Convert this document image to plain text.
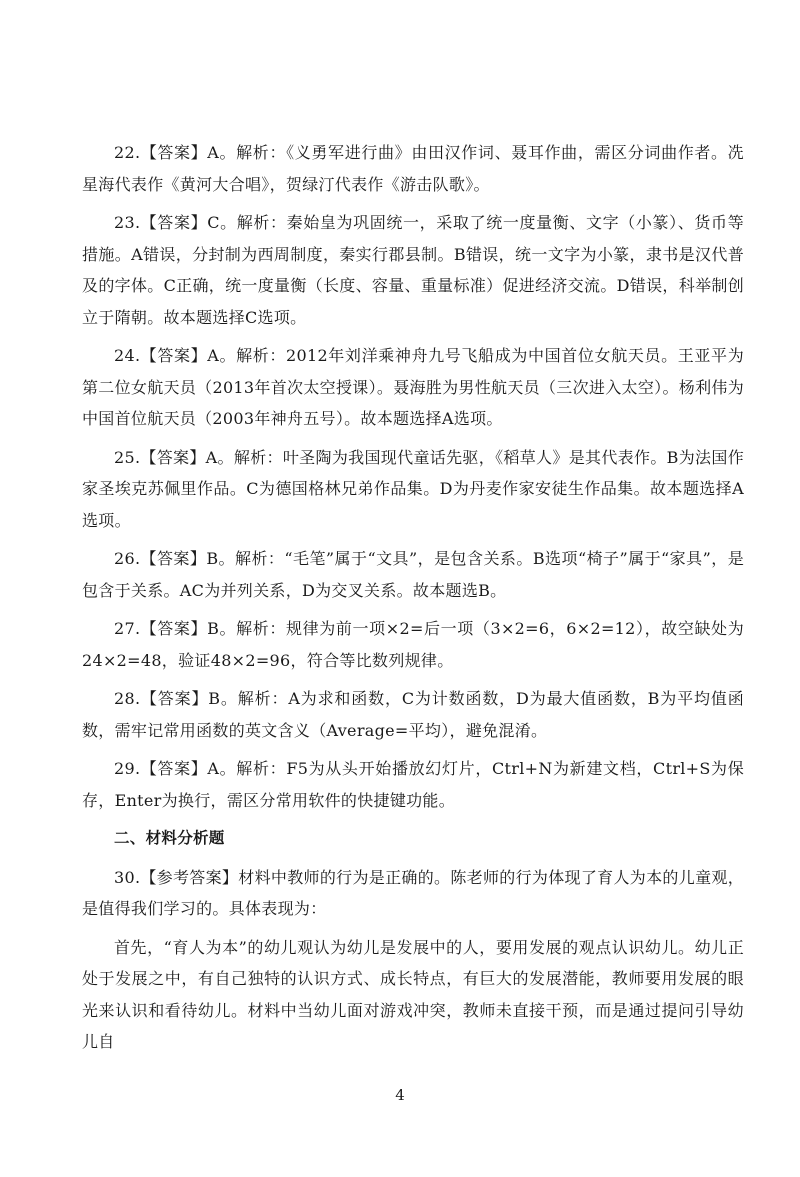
22.【答案】A。解析：《义勇军进行曲》由田汉作词、聂耳作曲，需区分词曲作者。冼星海代表作《黄河大合唱》，贺绿汀代表作《游击队歌》。

23.【答案】C。解析：秦始皇为巩固统一，采取了统一度量衡、文字（小篆）、货币等措施。A错误，分封制为西周制度，秦实行郡县制。B错误，统一文字为小篆，隶书是汉代普及的字体。C正确，统一度量衡（长度、容量、重量标准）促进经济交流。D错误，科举制创立于隋朝。故本题选择C选项。

24.【答案】A。解析：2012年刘洋乘神舟九号飞船成为中国首位女航天员。王亚平为第二位女航天员（2013年首次太空授课）。聂海胜为男性航天员（三次进入太空）。杨利伟为中国首位航天员（2003年神舟五号）。故本题选择A选项。

25.【答案】A。解析：叶圣陶为我国现代童话先驱，《稻草人》是其代表作。B为法国作家圣埃克苏佩里作品。C为德国格林兄弟作品集。D为丹麦作家安徒生作品集。故本题选择A选项。

26.【答案】B。解析：“毛笔”属于“文具”，是包含关系。B选项“椅子”属于“家具”，是包含于关系。AC为并列关系，D为交叉关系。故本题选B。

27.【答案】B。解析：规律为前一项×2=后一项（3×2=6，6×2=12），故空缺处为24×2=48，验证48×2=96，符合等比数列规律。

28.【答案】B。解析：A为求和函数，C为计数函数，D为最大值函数，B为平均值函数，需牢记常用函数的英文含义（Average=平均），避免混淆。

29.【答案】A。解析：F5为从头开始播放幻灯片，Ctrl+N为新建文档，Ctrl+S为保存，Enter为换行，需区分常用软件的快捷键功能。

二、材料分析题

30.【参考答案】材料中教师的行为是正确的。陈老师的行为体现了育人为本的儿童观，是值得我们学习的。具体表现为：

首先，“育人为本”的幼儿观认为幼儿是发展中的人，要用发展的观点认识幼儿。幼儿正处于发展之中，有自己独特的认识方式、成长特点，有巨大的发展潜能，教师要用发展的眼光来认识和看待幼儿。材料中当幼儿面对游戏冲突，教师未直接干预，而是通过提问引导幼儿自

4
